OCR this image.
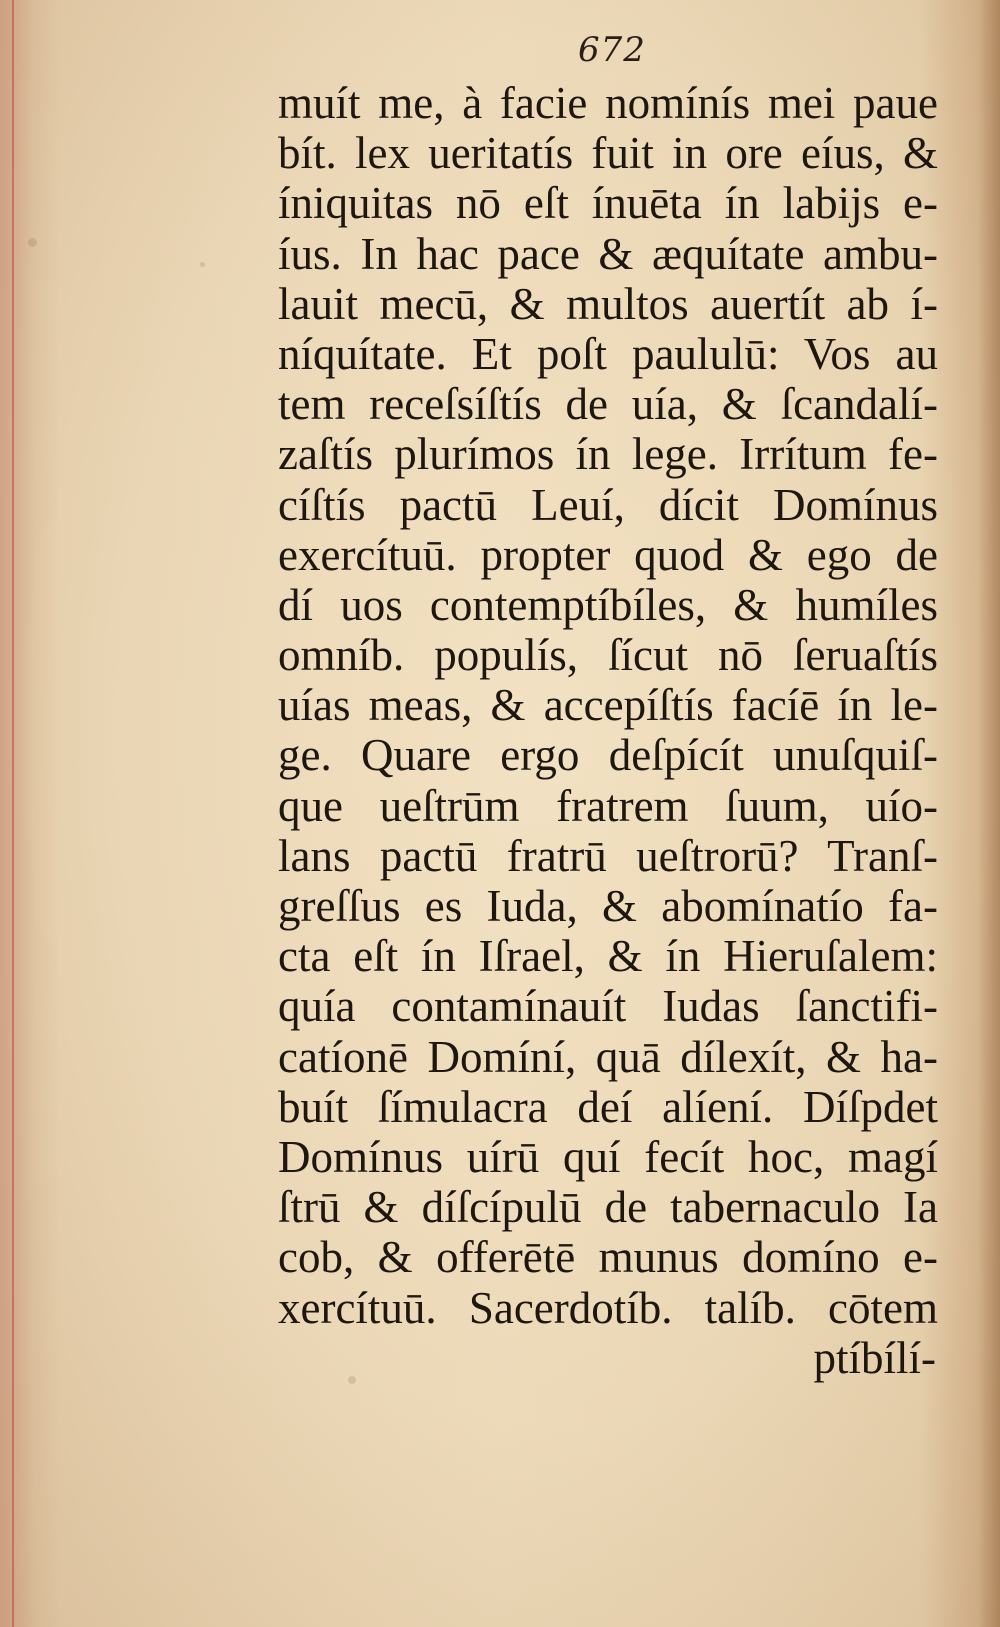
672
muít me, à facie nomínís mei paue
bít. lex ueritatís fuit in ore eíus, &
íniquitas nō eſt ínuēta ín labijs e-
íus. In hac pace & æquítate ambu-
lauit mecū, & multos auertít ab í-
níquítate. Et poſt paululū: Vos au
tem receſsíſtís de uía, & ſcandalí-
zaſtís plurímos ín lege. Irrítum fe-
cíſtís pactū Leuí, dícit Domínus
exercítuū. propter quod & ego de
dí uos contemptíbíles, & humíles
omníb. populís, ſícut nō ſeruaſtís
uías meas, & accepíſtís facíē ín le-
ge. Quare ergo deſpícít unuſquiſ-
que ueſtrūm fratrem ſuum, uío-
lans pactū fratrū ueſtrorū? Tranſ-
greſſus es Iuda, & abomínatío fa-
cta eſt ín Iſrael, & ín Hieruſalem:
quía contamínauít Iudas ſanctifi-
catíonē Domíní, quā dílexít, & ha-
buít ſímulacra deí alíení. Díſpdet
Domínus uírū quí fecít hoc, magí
ſtrū & díſcípulū de tabernaculo Ia
cob, & offerētē munus domíno e-
xercítuū. Sacerdotíb. talíb. cōtem
ptíbílí-
